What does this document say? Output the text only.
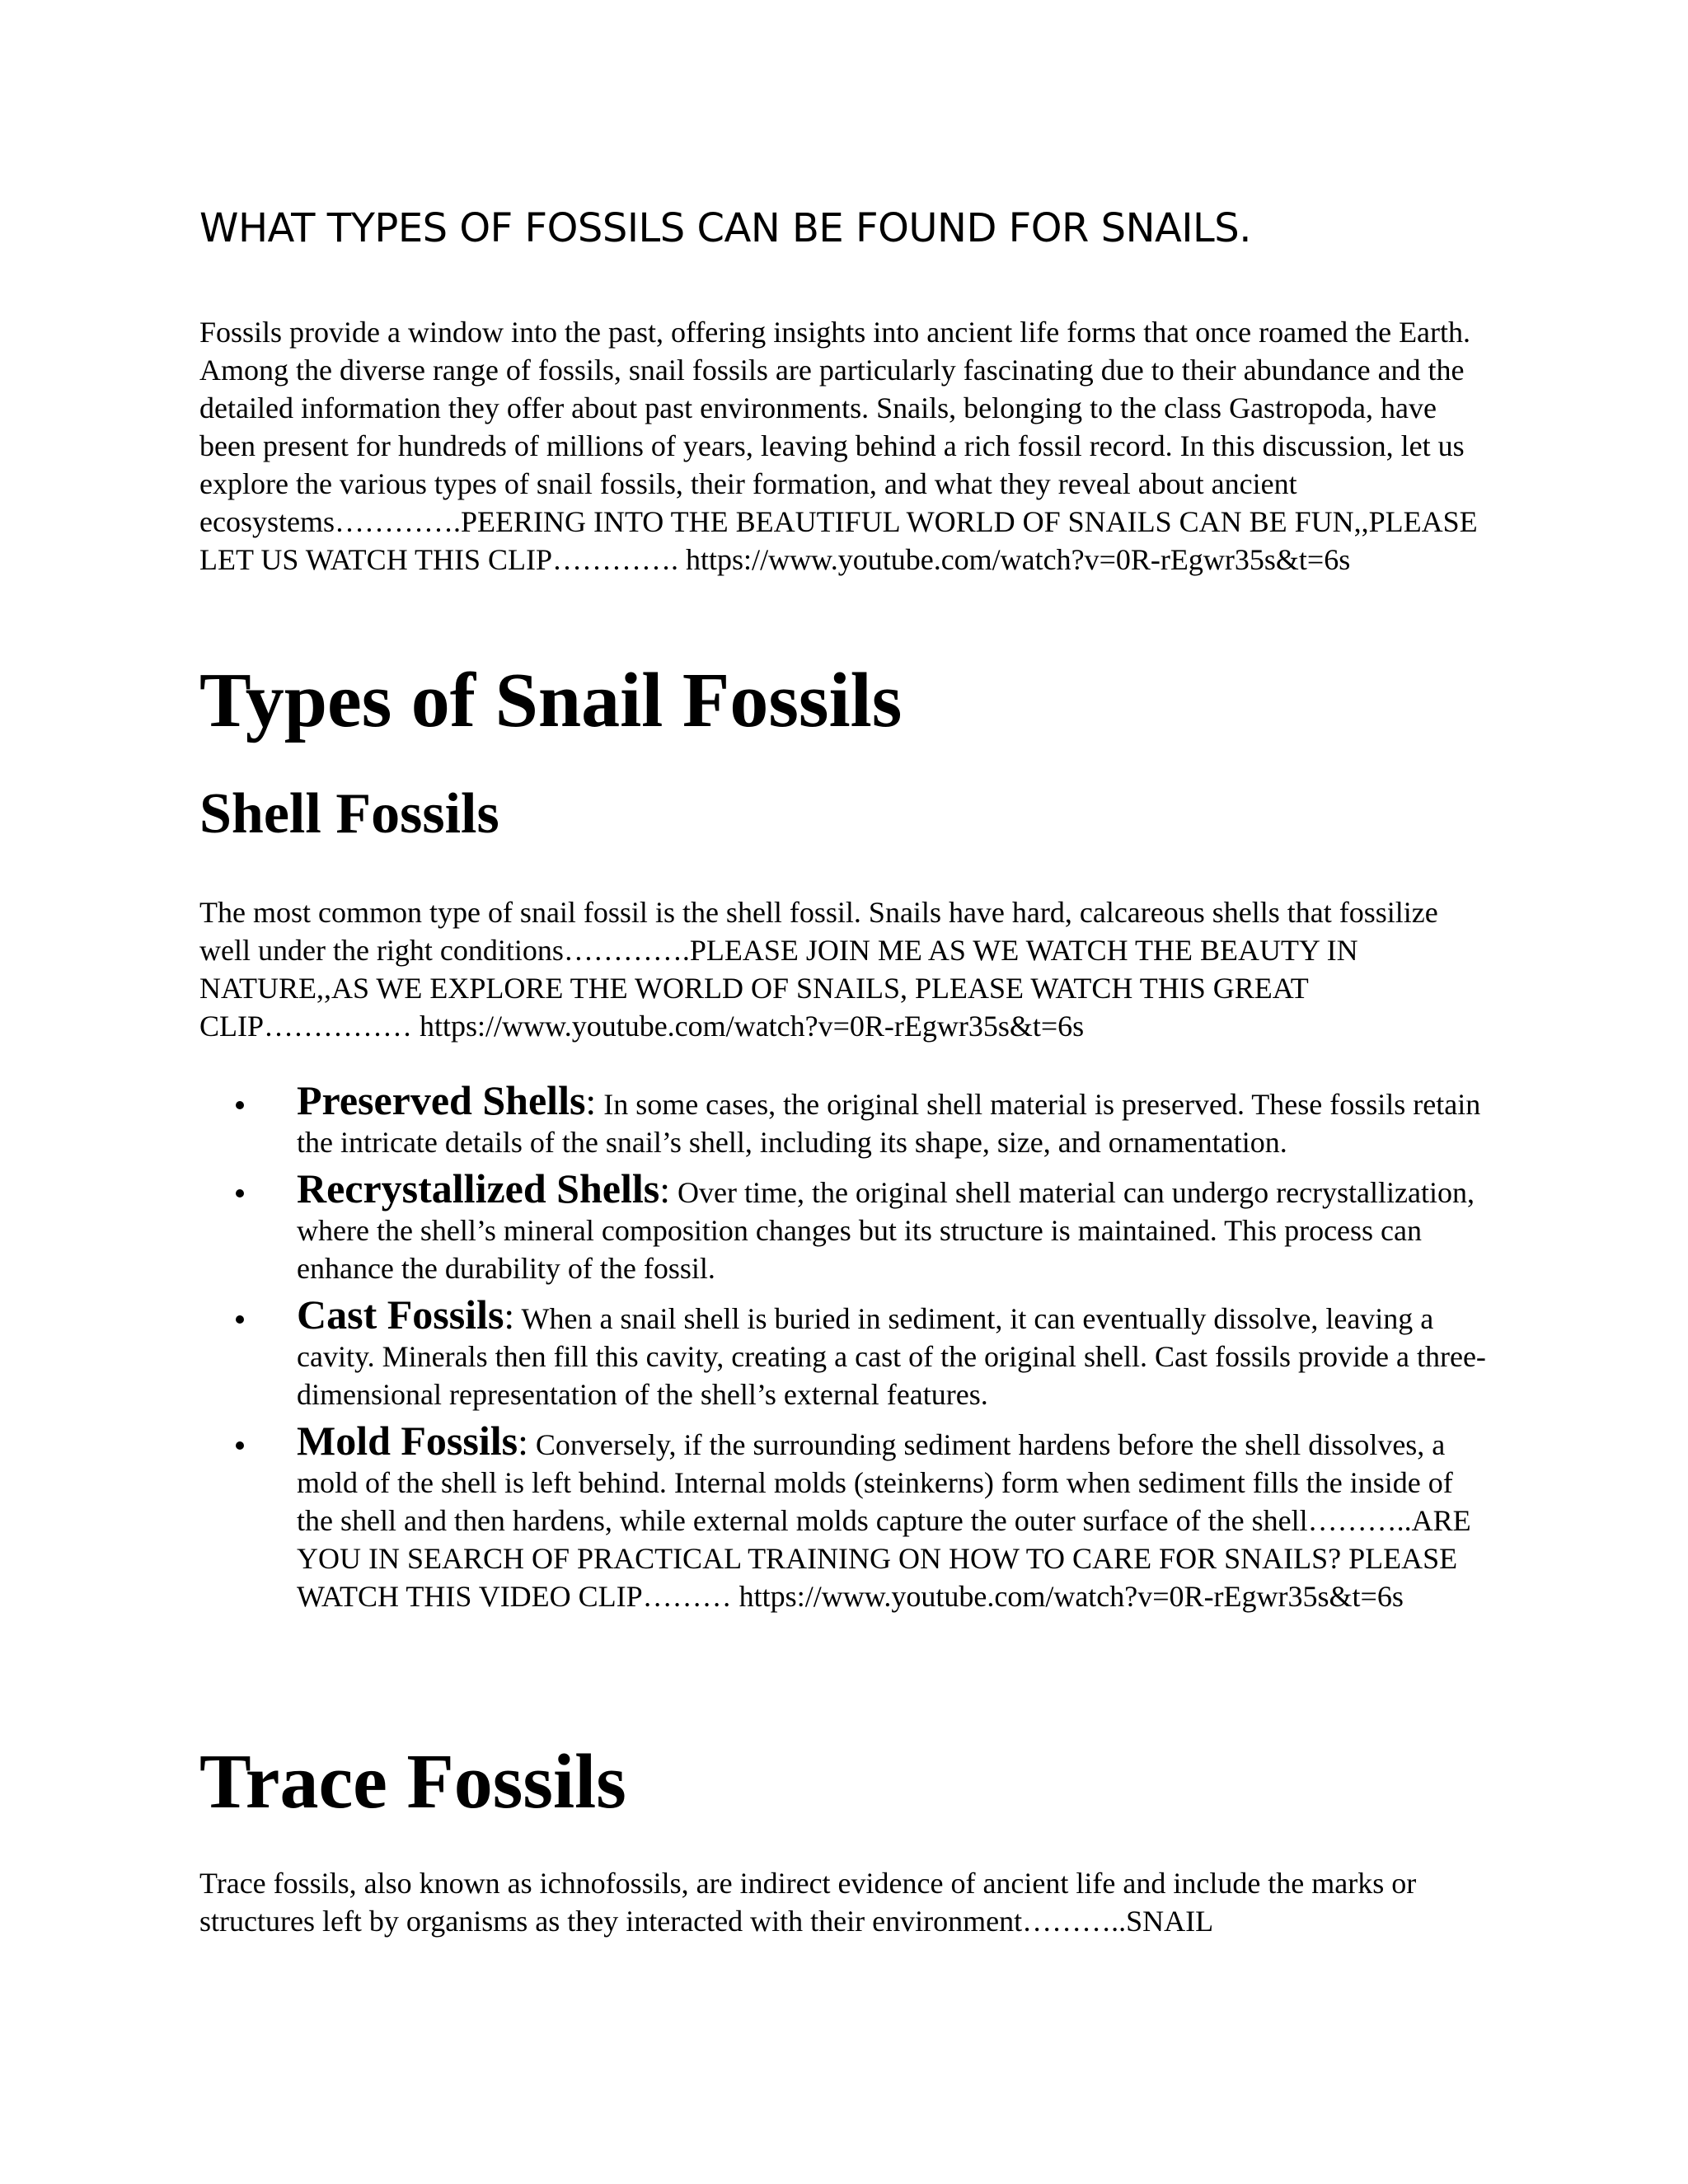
WHAT TYPES OF FOSSILS CAN BE FOUND FOR SNAILS.

Fossils provide a window into the past, offering insights into ancient life forms that once roamed the Earth. Among the diverse range of fossils, snail fossils are particularly fascinating due to their abundance and the detailed information they offer about past environments. Snails, belonging to the class Gastropoda, have been present for hundreds of millions of years, leaving behind a rich fossil record. In this discussion, let us explore the various types of snail fossils, their formation, and what they reveal about ancient ecosystems………….PEERING INTO THE BEAUTIFUL WORLD OF SNAILS CAN BE FUN,,PLEASE LET US WATCH THIS CLIP…………. https://www.youtube.com/watch?v=0R-rEgwr35s&t=6s

Types of Snail Fossils
Shell Fossils

The most common type of snail fossil is the shell fossil. Snails have hard, calcareous shells that fossilize well under the right conditions………….PLEASE JOIN ME AS WE WATCH THE BEAUTY IN NATURE,,AS WE EXPLORE THE WORLD OF SNAILS, PLEASE WATCH THIS GREAT CLIP…………… https://www.youtube.com/watch?v=0R-rEgwr35s&t=6s

Preserved Shells: In some cases, the original shell material is preserved. These fossils retain the intricate details of the snail’s shell, including its shape, size, and ornamentation.
Recrystallized Shells: Over time, the original shell material can undergo recrystallization, where the shell’s mineral composition changes but its structure is maintained. This process can enhance the durability of the fossil.
Cast Fossils: When a snail shell is buried in sediment, it can eventually dissolve, leaving a cavity. Minerals then fill this cavity, creating a cast of the original shell. Cast fossils provide a three-dimensional representation of the shell’s external features.
Mold Fossils: Conversely, if the surrounding sediment hardens before the shell dissolves, a mold of the shell is left behind. Internal molds (steinkerns) form when sediment fills the inside of the shell and then hardens, while external molds capture the outer surface of the shell………..ARE YOU IN SEARCH OF PRACTICAL TRAINING ON HOW TO CARE FOR SNAILS? PLEASE WATCH THIS VIDEO CLIP……… https://www.youtube.com/watch?v=0R-rEgwr35s&t=6s
Trace Fossils

Trace fossils, also known as ichnofossils, are indirect evidence of ancient life and include the marks or structures left by organisms as they interacted with their environment………..SNAIL
